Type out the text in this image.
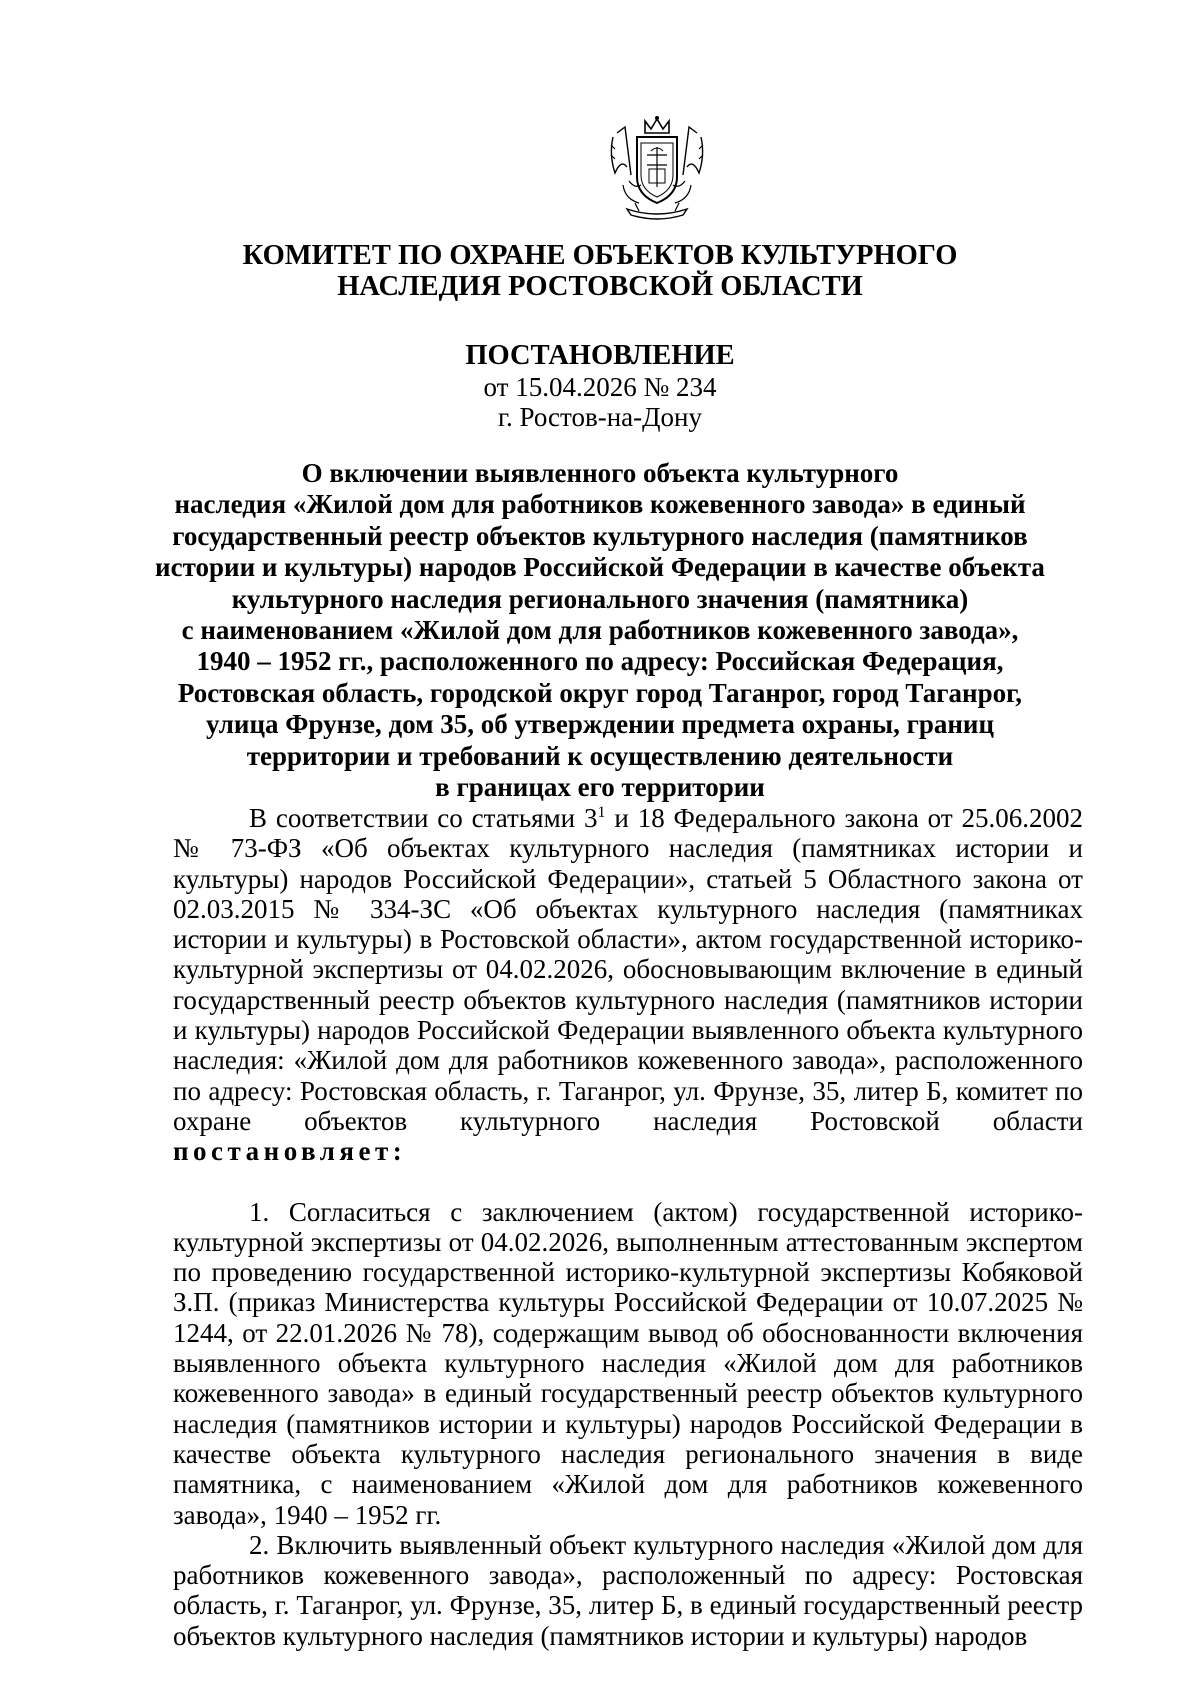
КОМИТЕТ ПО ОХРАНЕ ОБЪЕКТОВ КУЛЬТУРНОГО
НАСЛЕДИЯ РОСТОВСКОЙ ОБЛАСТИ
ПОСТАНОВЛЕНИЕ
от 15.04.2026 № 234
г. Ростов-на-Дону
О включении выявленного объекта культурного
наследия «Жилой дом для работников кожевенного завода» в единый
государственный реестр объектов культурного наследия (памятников
истории и культуры) народов Российской Федерации в качестве объекта
культурного наследия регионального значения (памятника)
с наименованием «Жилой дом для работников кожевенного завода»,
1940 – 1952 гг., расположенного по адресу: Российская Федерация,
Ростовская область, городской округ город Таганрог, город Таганрог,
улица Фрунзе, дом 35, об утверждении предмета охраны, границ
территории и требований к осуществлению деятельности
в границах его территории

В соответствии со статьями $3^1$ и 18 Федерального закона от 25.06.2002 № 73-ФЗ «Об объектах культурного наследия (памятниках истории и культуры) народов Российской Федерации», статьей 5 Областного закона от 02.03.2015 № 334-ЗС «Об объектах культурного наследия (памятниках истории и культуры) в Ростовской области», актом государственной историко-культурной экспертизы от 04.02.2026, обосновывающим включение в единый государственный реестр объектов культурного наследия (памятников истории и культуры) народов Российской Федерации выявленного объекта культурного наследия: «Жилой дом для работников кожевенного завода», расположенного по адресу: Ростовская область, г. Таганрог, ул. Фрунзе, 35, литер Б, комитет по охране объектов культурного наследия Ростовской области постановляет:

1. Согласиться с заключением (актом) государственной историко-культурной экспертизы от 04.02.2026, выполненным аттестованным экспертом по проведению государственной историко-культурной экспертизы Кобяковой З.П. (приказ Министерства культуры Российской Федерации от 10.07.2025 № 1244, от 22.01.2026 № 78), содержащим вывод об обоснованности включения выявленного объекта культурного наследия «Жилой дом для работников кожевенного завода» в единый государственный реестр объектов культурного наследия (памятников истории и культуры) народов Российской Федерации в качестве объекта культурного наследия регионального значения в виде памятника, с наименованием «Жилой дом для работников кожевенного завода», 1940 – 1952 гг.

2. Включить выявленный объект культурного наследия «Жилой дом для работников кожевенного завода», расположенный по адресу: Ростовская область, г. Таганрог, ул. Фрунзе, 35, литер Б, в единый государственный реестр объектов культурного наследия (памятников истории и культуры) народов
